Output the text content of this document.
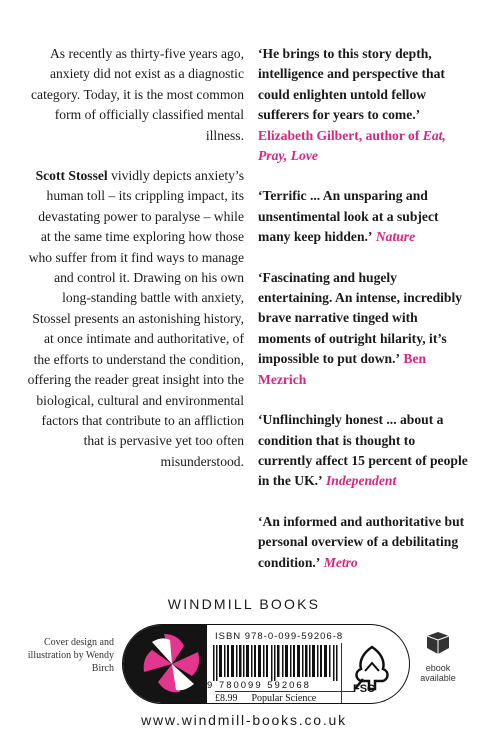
As recently as thirty-five years ago, anxiety did not exist as a diagnostic category. Today, it is the most common form of officially classified mental illness.

Scott Stossel vividly depicts anxiety’s human toll – its crippling impact, its devastating power to paralyse – while at the same time exploring how those who suffer from it find ways to manage and control it. Drawing on his own long-standing battle with anxiety, Stossel presents an astonishing history, at once intimate and authoritative, of the efforts to understand the condition, offering the reader great insight into the biological, cultural and environmental factors that contribute to an affliction that is pervasive yet too often misunderstood.

‘He brings to this story depth, intelligence and perspective that could enlighten untold fellow sufferers for years to come.’ Elizabeth Gilbert, author of Eat, Pray, Love
‘Terrific ... An unsparing and unsentimental look at a subject many keep hidden.’ Nature
‘Fascinating and hugely entertaining. An intense, incredibly brave narrative tinged with moments of outright hilarity, it’s impossible to put down.’ Ben Mezrich
‘Unflinchingly honest ... about a condition that is thought to currently affect 15 percent of people in the UK.’ Independent
‘An informed and authoritative but personal overview of a debilitating condition.’ Metro
WINDMILL BOOKS
Cover design and illustration by Wendy Birch
ISBN 978-0-099-59206-8
9 780099 592068
£8.99 Popular Science
FSC
ebook available
www.windmill-books.co.uk
